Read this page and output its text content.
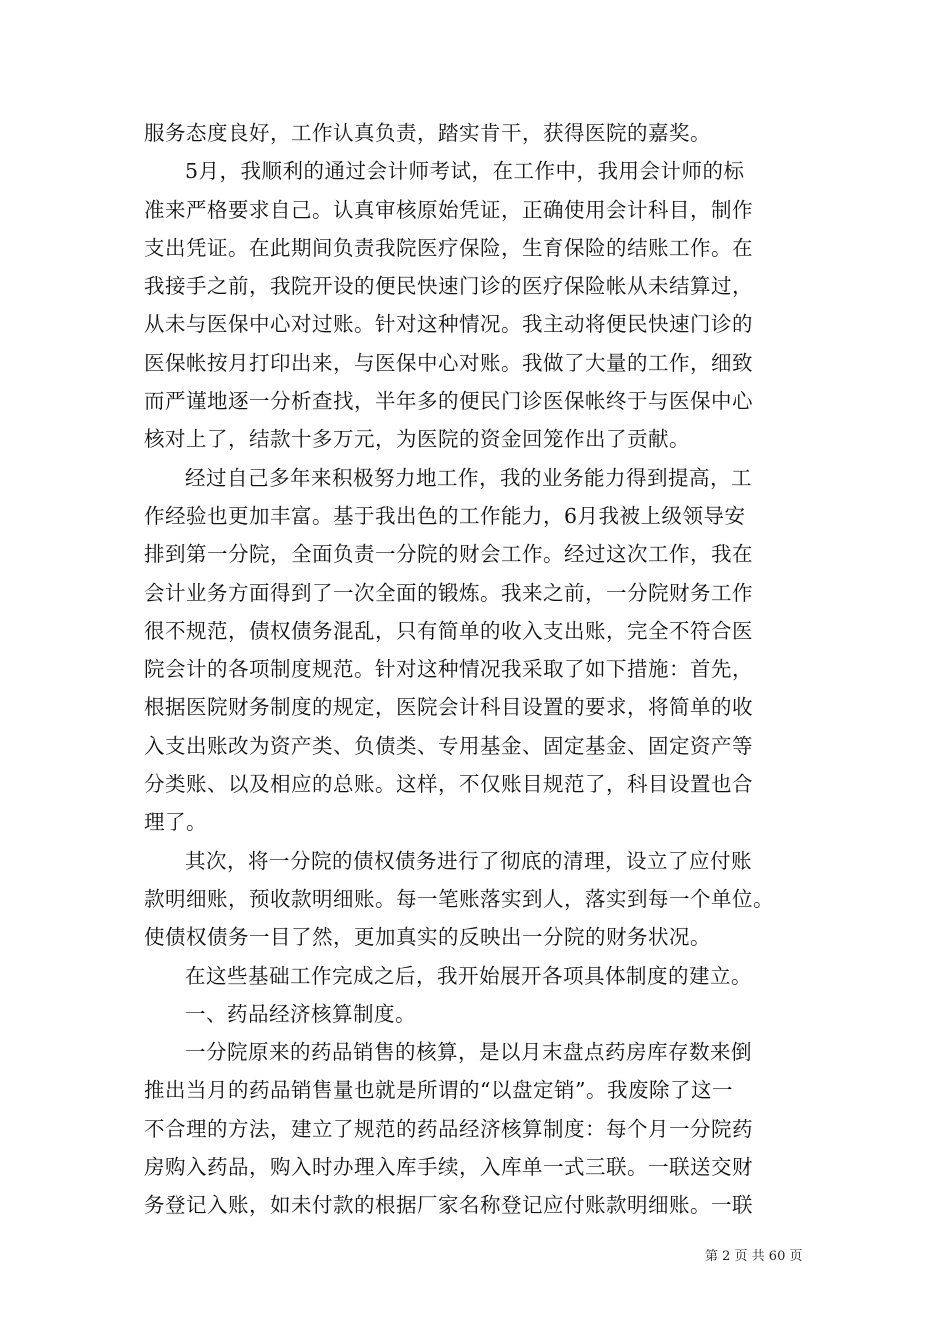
服务态度良好，工作认真负责，踏实肯干，获得医院的嘉奖。
5月，我顺利的通过会计师考试，在工作中，我用会计师的标
准来严格要求自己。认真审核原始凭证，正确使用会计科目，制作
支出凭证。在此期间负责我院医疗保险，生育保险的结账工作。在
我接手之前，我院开设的便民快速门诊的医疗保险帐从未结算过，
从未与医保中心对过账。针对这种情况。我主动将便民快速门诊的
医保帐按月打印出来，与医保中心对账。我做了大量的工作，细致
而严谨地逐一分析查找，半年多的便民门诊医保帐终于与医保中心
核对上了，结款十多万元，为医院的资金回笼作出了贡献。
经过自己多年来积极努力地工作，我的业务能力得到提高，工
作经验也更加丰富。基于我出色的工作能力，6月我被上级领导安
排到第一分院，全面负责一分院的财会工作。经过这次工作，我在
会计业务方面得到了一次全面的锻炼。我来之前，一分院财务工作
很不规范，债权债务混乱，只有简单的收入支出账，完全不符合医
院会计的各项制度规范。针对这种情况我采取了如下措施：首先，
根据医院财务制度的规定，医院会计科目设置的要求，将简单的收
入支出账改为资产类、负债类、专用基金、固定基金、固定资产等
分类账、以及相应的总账。这样，不仅账目规范了，科目设置也合
理了。
其次，将一分院的债权债务进行了彻底的清理，设立了应付账
款明细账，预收款明细账。每一笔账落实到人，落实到每一个单位。
使债权债务一目了然，更加真实的反映出一分院的财务状况。
在这些基础工作完成之后，我开始展开各项具体制度的建立。
一、药品经济核算制度。
一分院原来的药品销售的核算，是以月末盘点药房库存数来倒
推出当月的药品销售量也就是所谓的“以盘定销”。我废除了这一
不合理的方法，建立了规范的药品经济核算制度：每个月一分院药
房购入药品，购入时办理入库手续，入库单一式三联。一联送交财
务登记入账，如未付款的根据厂家名称登记应付账款明细账。一联
第 2 页 共 60 页
